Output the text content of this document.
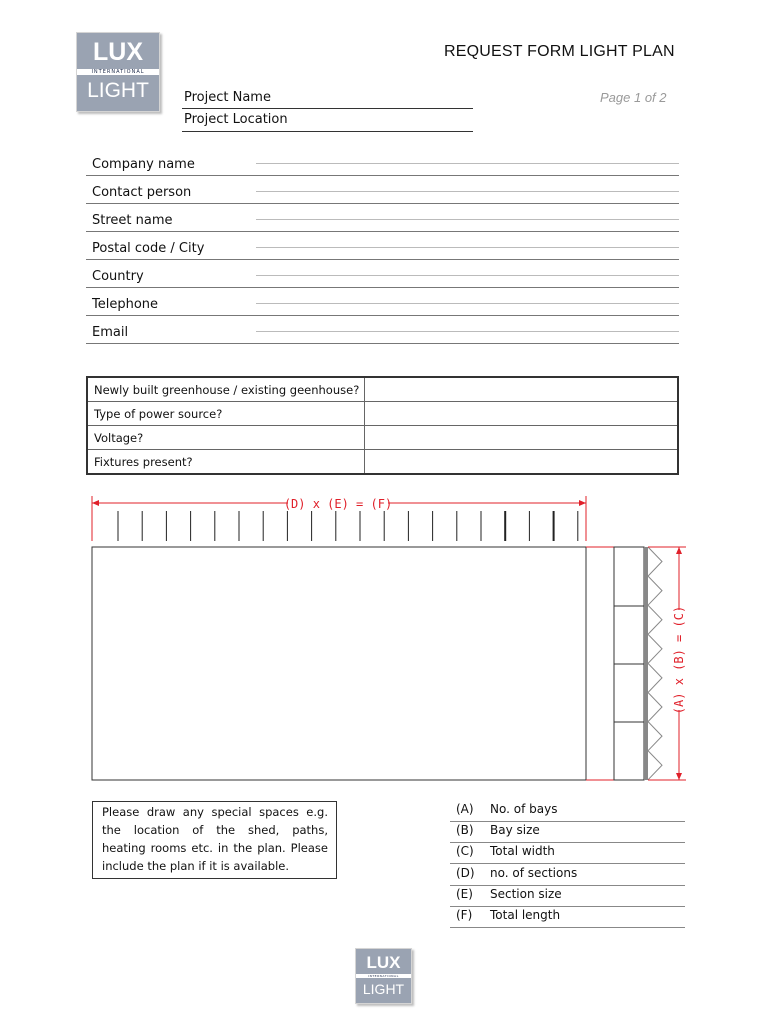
LUX
INTERNATIONAL
LIGHT
REQUEST FORM LIGHT PLAN
Page 1 of 2
Project Name
Project Location
Company name
Contact person
Street name
Postal code / City
Country
Telephone
Email
Newly built greenhouse / existing geenhouse?	
Type of power source?	
Voltage?	
Fixtures present?	
(D) x (E) = (F)
(A) x (B) = (C)
Please draw any special spaces e.g. the location of the shed, paths, heating rooms etc. in the plan. Please include the plan if it is available.
(A) No. of bays
(B) Bay size
(C) Total width
(D) no. of sections
(E) Section size
(F) Total length
LUX
INTERNATIONAL
LIGHT
